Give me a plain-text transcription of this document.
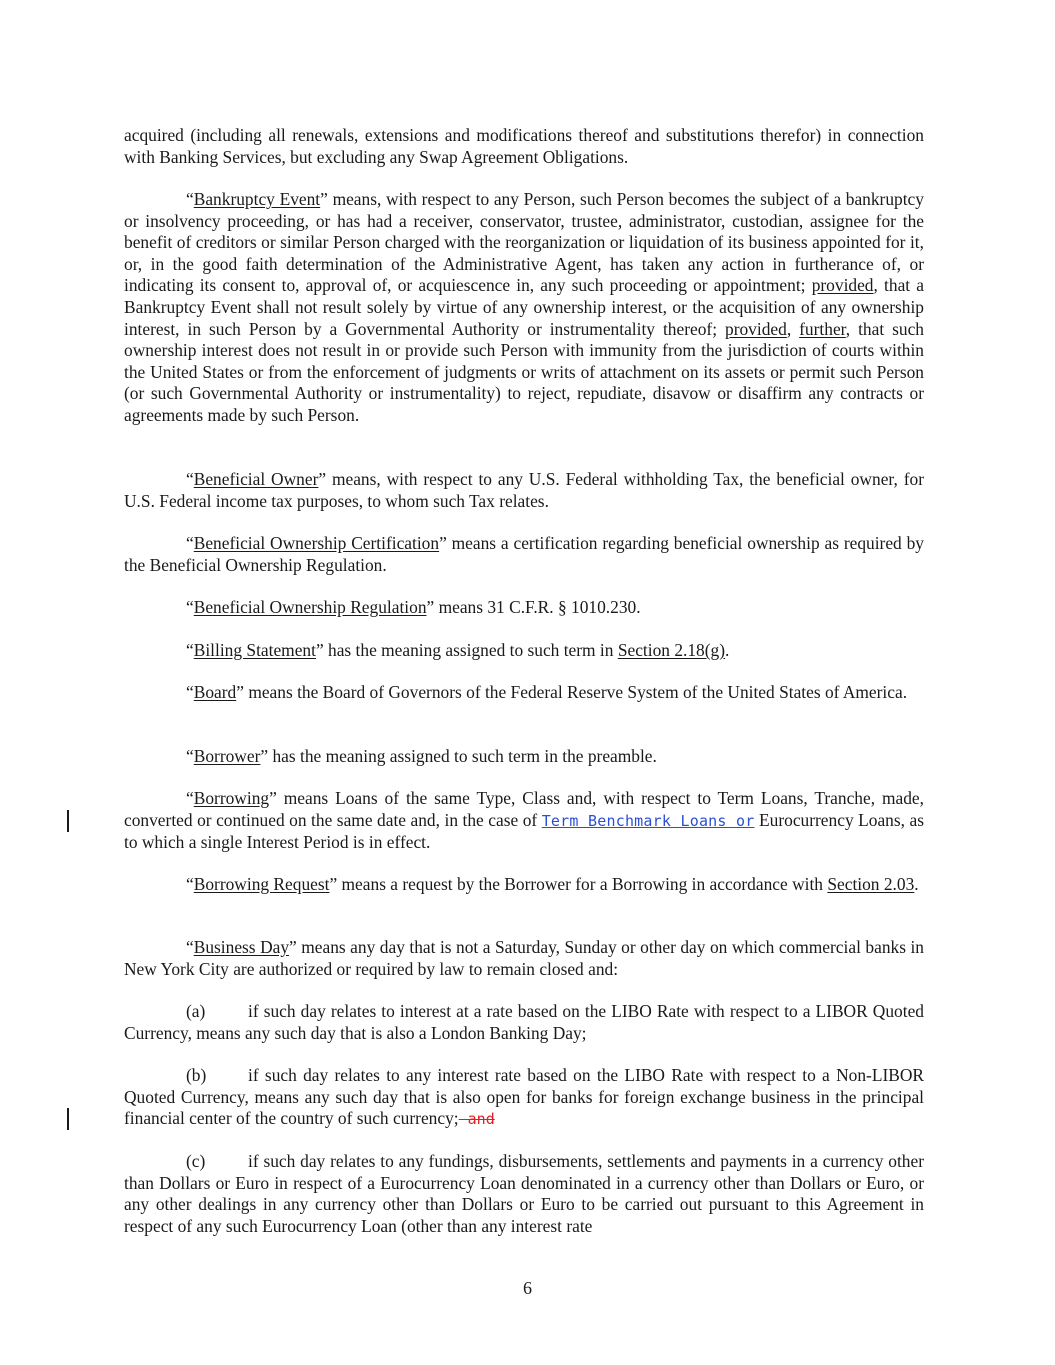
acquired (including all renewals, extensions and modifications thereof and substitutions therefor) in connection with Banking Services, but excluding any Swap Agreement Obligations.

“Bankruptcy Event” means, with respect to any Person, such Person becomes the subject of a bankruptcy or insolvency proceeding, or has had a receiver, conservator, trustee, administrator, custodian, assignee for the benefit of creditors or similar Person charged with the reorganization or liquidation of its business appointed for it, or, in the good faith determination of the Administrative Agent, has taken any action in furtherance of, or indicating its consent to, approval of, or acquiescence in, any such proceeding or appointment; provided, that a Bankruptcy Event shall not result solely by virtue of any ownership interest, or the acquisition of any ownership interest, in such Person by a Governmental Authority or instrumentality thereof; provided, further, that such ownership interest does not result in or provide such Person with immunity from the jurisdiction of courts within the United States or from the enforcement of judgments or writs of attachment on its assets or permit such Person (or such Governmental Authority or instrumentality) to reject, repudiate, disavow or disaffirm any contracts or agreements made by such Person.

“Beneficial Owner” means, with respect to any U.S. Federal withholding Tax, the beneficial owner, for U.S. Federal income tax purposes, to whom such Tax relates.

“Beneficial Ownership Certification” means a certification regarding beneficial ownership as required by the Beneficial Ownership Regulation.

“Beneficial Ownership Regulation” means 31 C.F.R. § 1010.230.

“Billing Statement” has the meaning assigned to such term in Section 2.18(g).

“Board” means the Board of Governors of the Federal Reserve System of the United States of America.

“Borrower” has the meaning assigned to such term in the preamble.

“Borrowing” means Loans of the same Type, Class and, with respect to Term Loans, Tranche, made, converted or continued on the same date and, in the case of Term Benchmark Loans or Eurocurrency Loans, as to which a single Interest Period is in effect.

“Borrowing Request” means a request by the Borrower for a Borrowing in accordance with Section 2.03.

“Business Day” means any day that is not a Saturday, Sunday or other day on which commercial banks in New York City are authorized or required by law to remain closed and:

(a) if such day relates to interest at a rate based on the LIBO Rate with respect to a LIBOR Quoted Currency, means any such day that is also a London Banking Day;

(b) if such day relates to any interest rate based on the LIBO Rate with respect to a Non-LIBOR Quoted Currency, means any such day that is also open for banks for foreign exchange business in the principal financial center of the country of such currency; and

(c) if such day relates to any fundings, disbursements, settlements and payments in a currency other than Dollars or Euro in respect of a Eurocurrency Loan denominated in a currency other than Dollars or Euro, or any other dealings in any currency other than Dollars or Euro to be carried out pursuant to this Agreement in respect of any such Eurocurrency Loan (other than any interest rate

6
